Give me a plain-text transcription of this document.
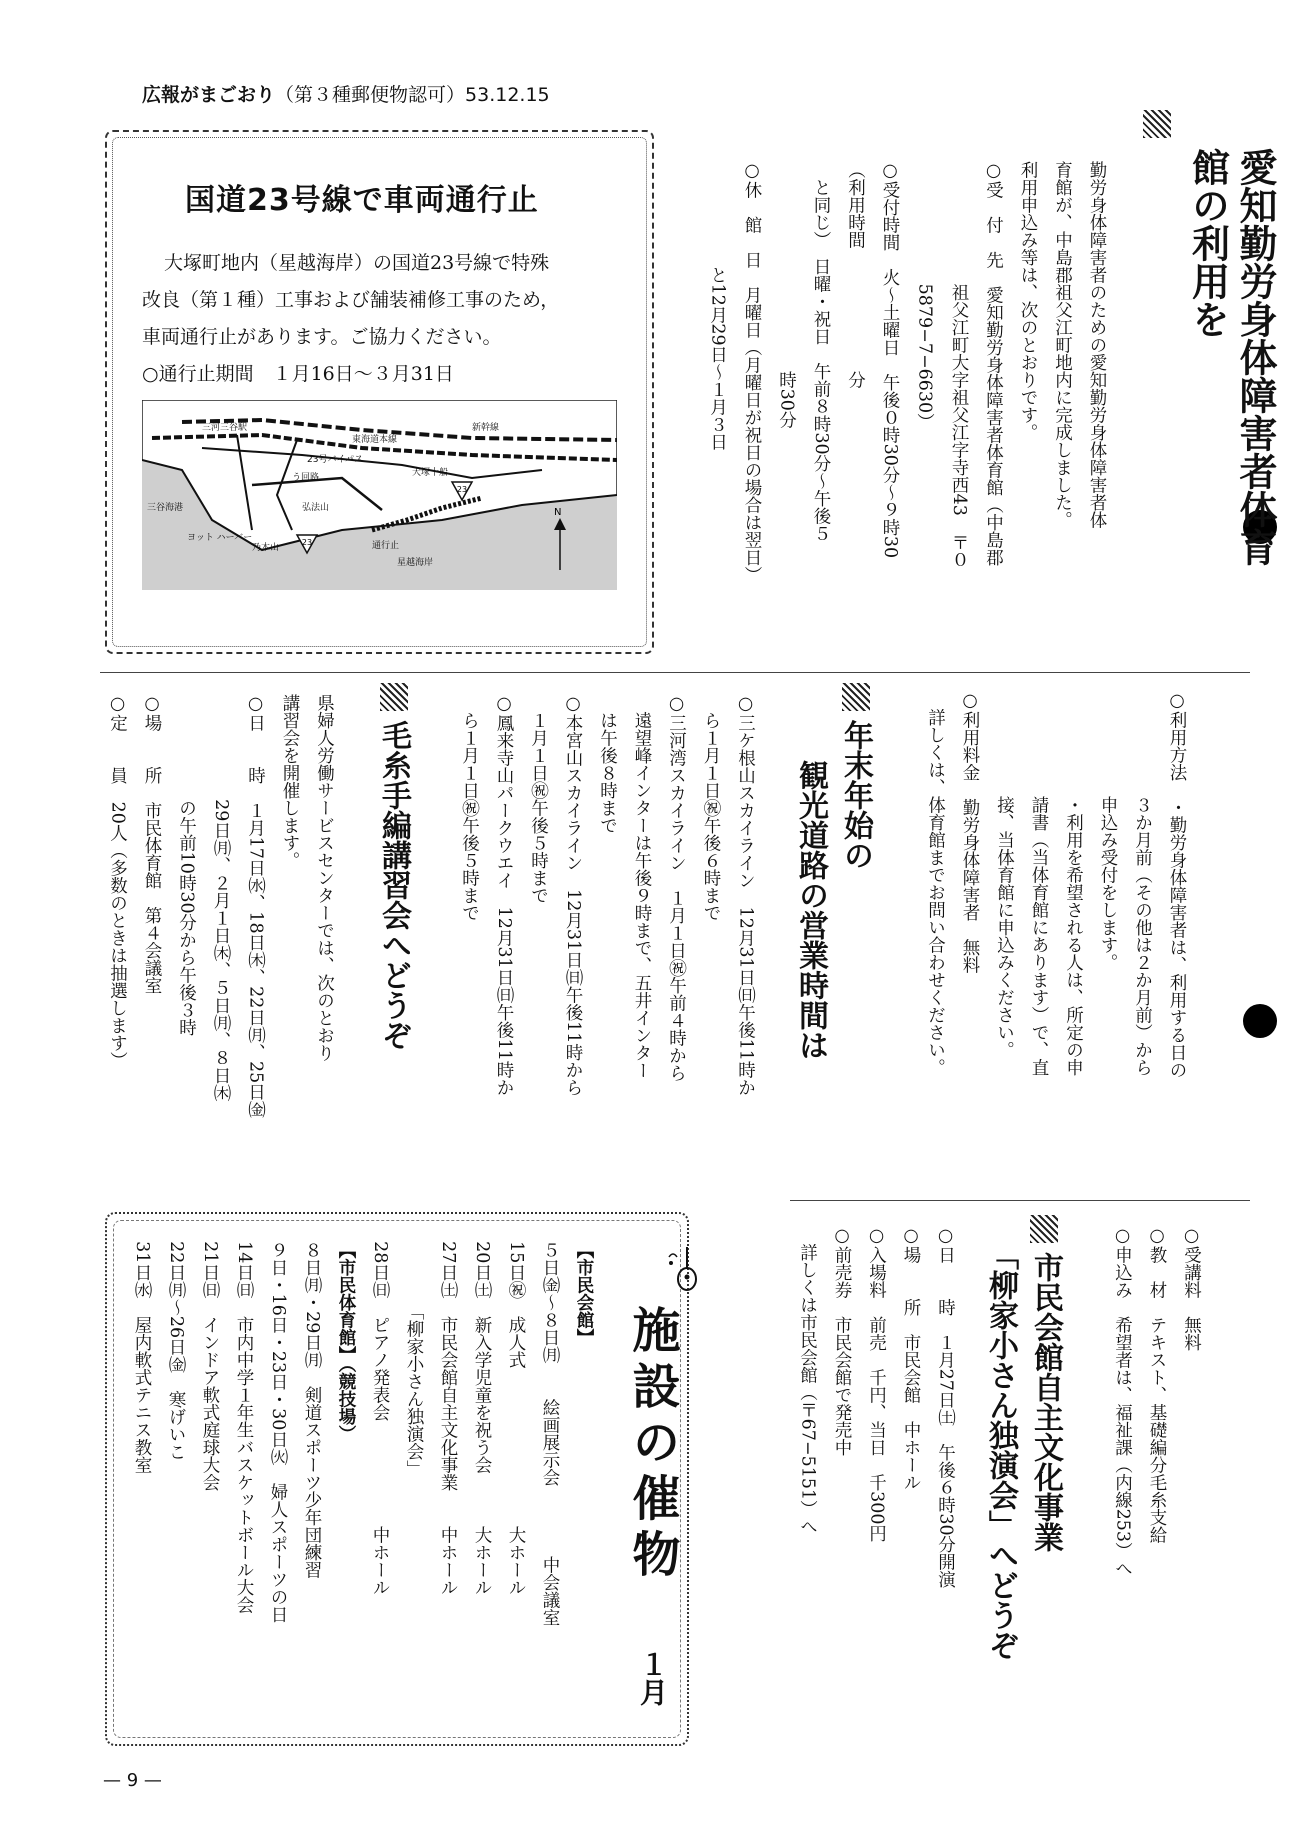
広報がまごおり（第３種郵便物認可）53.12.15

愛知勤労身体障害者体育館の利用を

勤労身体障害者のための愛知勤労身体障害者体
育館が、中島郡祖父江町地内に完成しました。
利用申込み等は、次のとおりです。
○受　付　先　愛知勤労身体障害者体育館（中島郡
　　　　　　　祖父江町大字祖父江字寺西43　〒０
　　　　　　　5879−7−6630）
○受付時間　火〜土曜日　午後０時30分〜９時30
（利用時間　　　　　　　分
　と同じ）　日曜・祝日　午前８時30分〜午後５
　　　　　　　　　　　　時30分
○休　館　日　月曜日（月曜日が祝日の場合は翌日）
　　　　　　と12月29日〜１月３日

○利用方法　・勤労身体障害者は、利用する日の
　　　　　　３か月前（その他は２か月前）から
　　　　　　申込み受付をします。
　　　　　　・利用を希望される人は、所定の申
　　　　　　請書（当体育館にあります）で、直
　　　　　　接、当体育館に申込みください。
○利用料金　勤労身体障害者　無料
　詳しくは、体育館までお問い合わせください。

国道23号線で車両通行止
大塚町地内（星越海岸）の国道23号線で特殊
改良（第１種）工事および舗装補修工事のため，
車両通行止があります。ご協力ください。
○通行止期間　１月16日〜３月31日
23
23
三河三谷駅
東海道本線
新幹線
23号バイパス
う回路	大塚十船
弘法山
三谷海港
ヨット ハーバー
乃木山	通行止
星越海岸
N
年末年始の
観光道路の営業時間は

○三ケ根山スカイライン　12月31日㈰午後11時か
　ら１月１日㊗午後６時まで
○三河湾スカイライン　１月１日㊗午前４時から
　遠望峰インターは午後９時まで、五井インター
　は午後８時まで
○本宮山スカイライン　12月31日㈰午後11時から
　１月１日㊗午後５時まで
○鳳来寺山パークウエイ　12月31日㈰午後11時か
　ら１月１日㊗午後５時まで

毛糸手編講習会へどうぞ

県婦人労働サービスセンターでは、次のとおり
講習会を開催します。
○日　　時　１月17日㈬、18日㈭、22日㈪、25日㈮
　　　　　　29日㈪、２月１日㈭、５日㈪、８日㈭
　　　　　　の午前10時30分から午後３時
○場　　所　市民体育館　第４会議室
○定　　員　20人（多数のときは抽選します）

○受講料　無料
○教　材　テキスト、基礎編分毛糸支給
○申込み　希望者は、福祉課（内線253）へ

市民会館自主文化事業
「柳家小さん独演会」へどうぞ

○日　　時　１月27日㈯　午後６時30分開演
○場　　所　市民会館　中ホール
○入場料　前売　千円、当日　千300円
○前売券　市民会館で発売中
　詳しくは市民会館（〒67−5151）へ

施設の催物
１月

【市民会館】
５日㈮〜８日㈪　　絵画展示会　　　　中会議室
15日㊗　成人式　　　　　　　　　大ホール
20日㈯　新入学児童を祝う会　　　大ホール
27日㈯　市民会館自主文化事業　　中ホール
　　　　「柳家小さん独演会」
28日㈰　ピアノ発表会　　　　　　中ホール
【市民体育館】（競技場）
８日㈪・29日㈪　剣道スポーツ少年団練習
９日・16日・23日・30日㈫　婦人スポーツの日
14日㈰　市内中学１年生バスケットボール大会
21日㈰　インドア軟式庭球大会
22日㈪〜26日㈮　寒げいこ
31日㈬　屋内軟式テニス教室

— 9 —
